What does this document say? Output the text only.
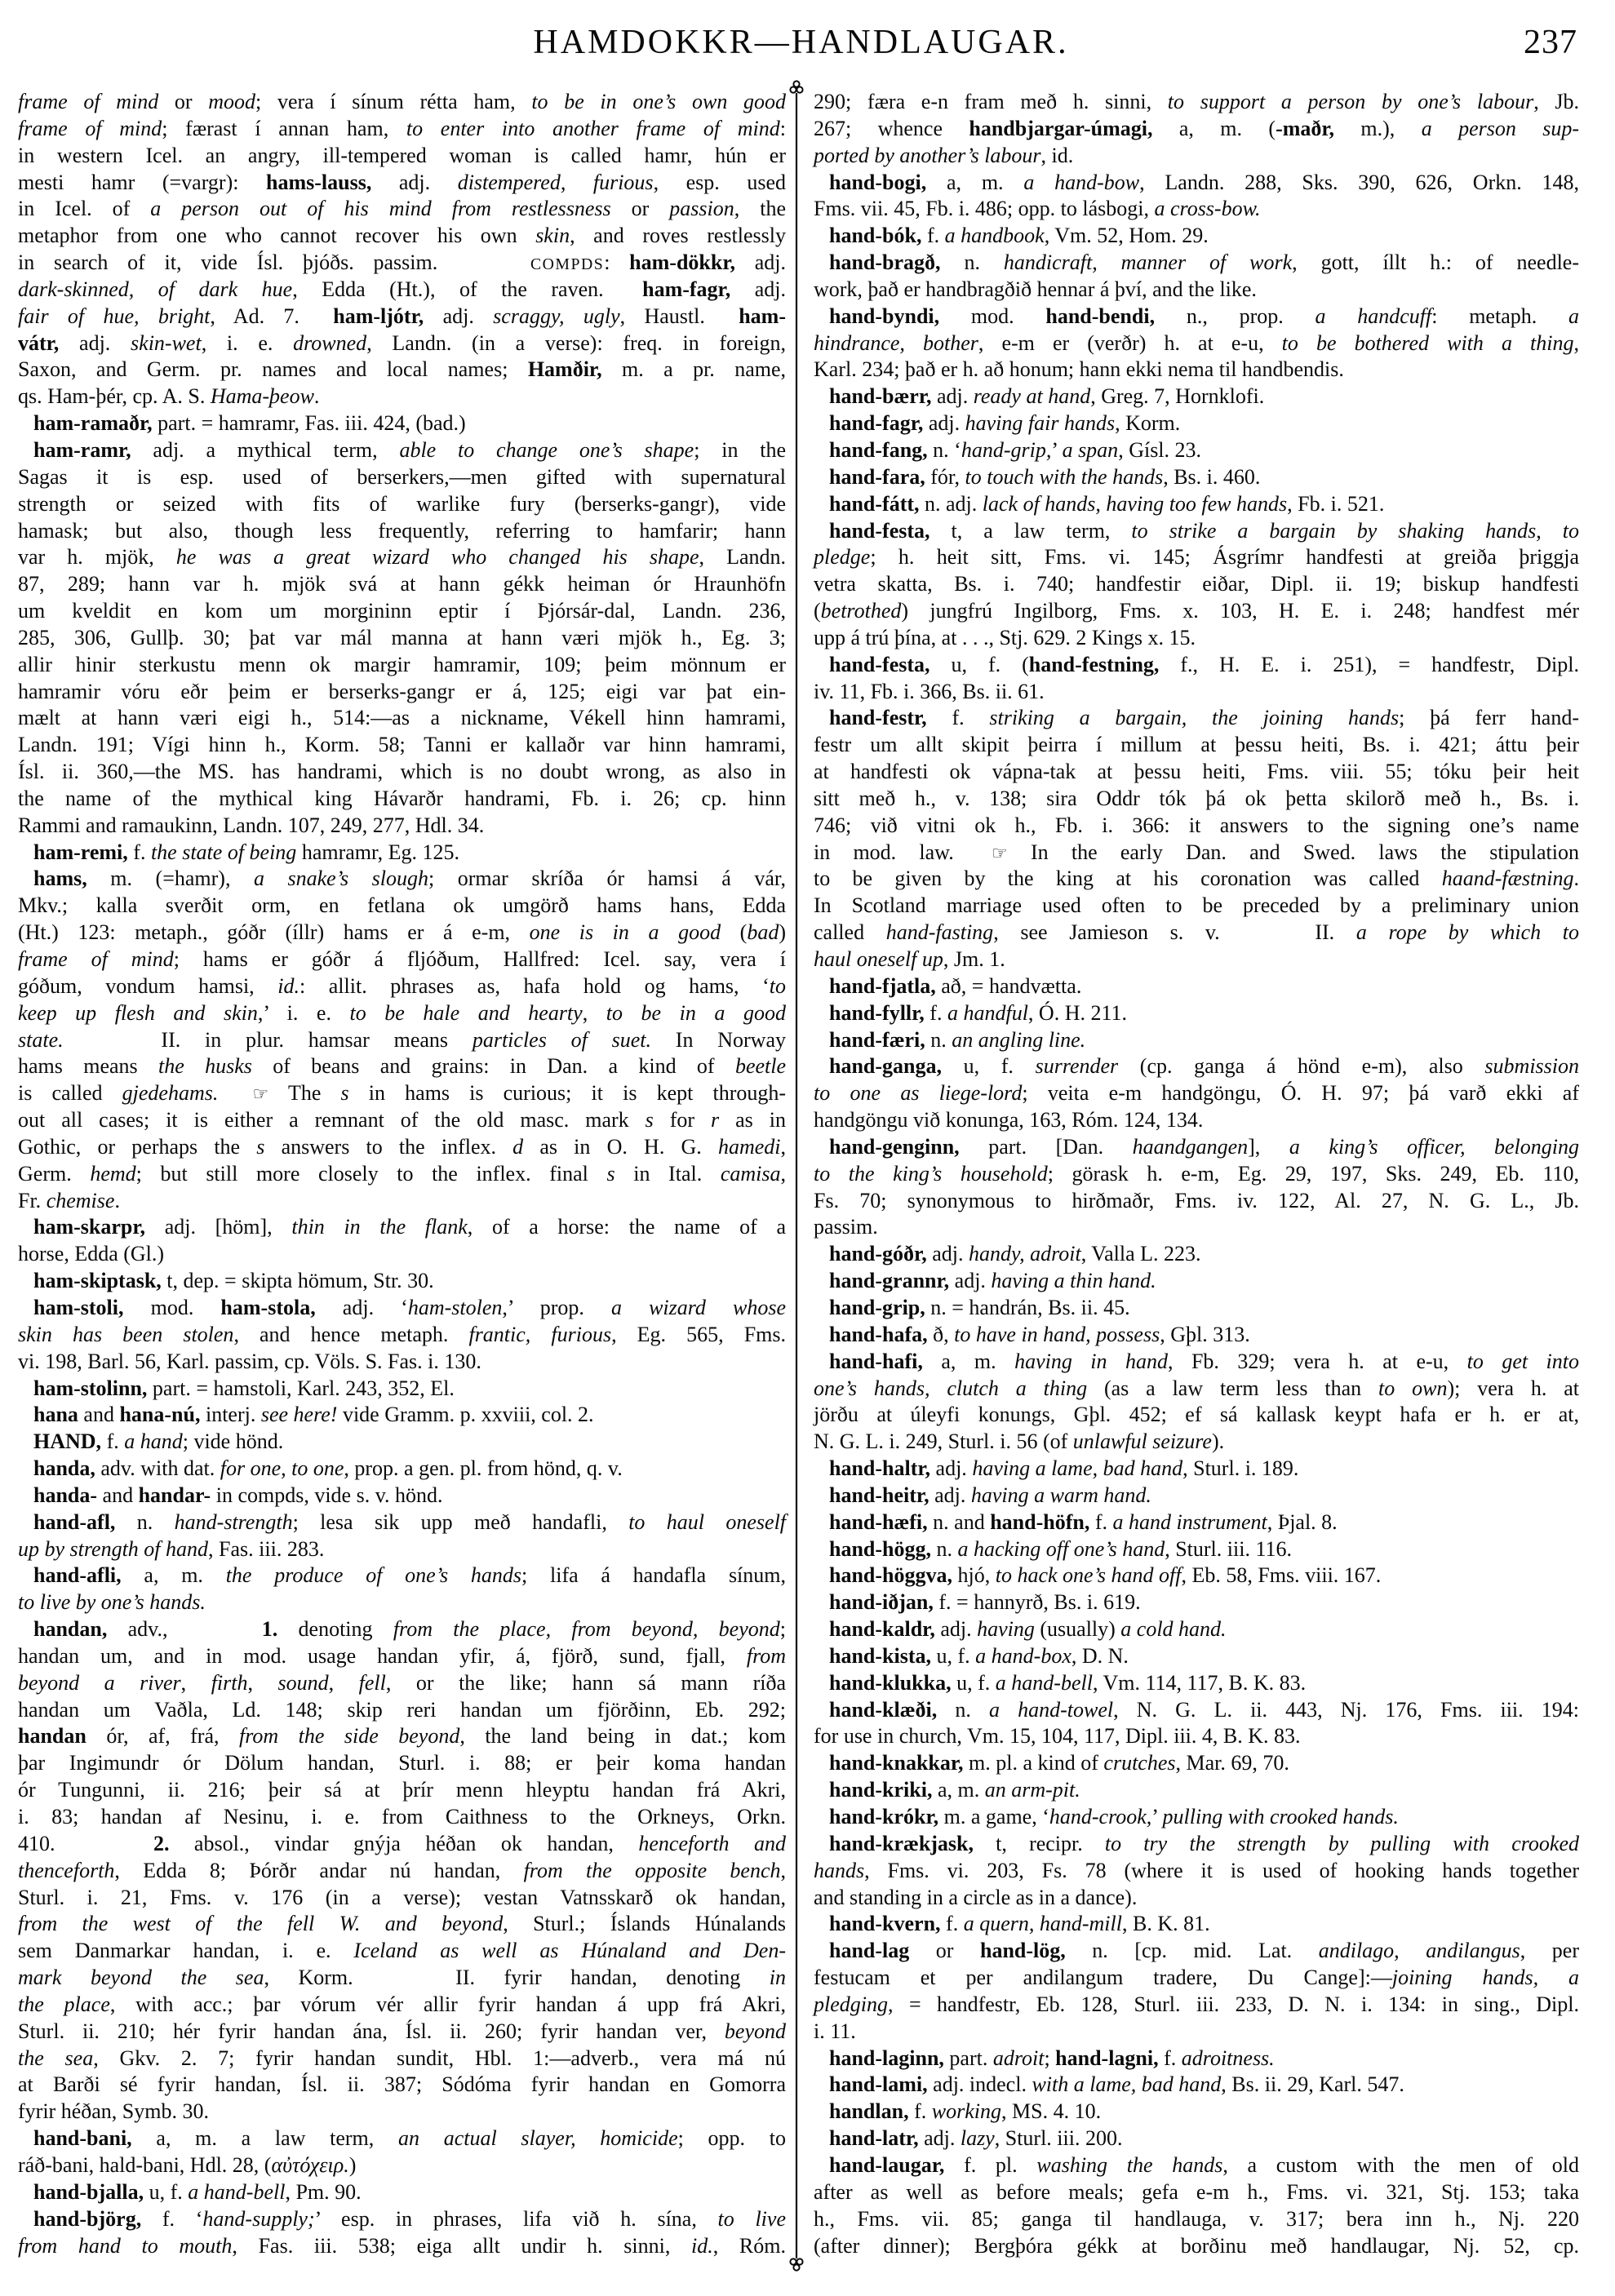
HAMDOKKR—HANDLAUGAR.	237
frame of mind or mood; vera í sínum rétta ham, to be in one’s own good
frame of mind; færast í annan ham, to enter into another frame of mind:
in western Icel. an angry, ill-tempered woman is called hamr, hún er
mesti hamr (=vargr): hams-lauss, adj. distempered, furious, esp. used
in Icel. of a person out of his mind from restlessness or passion, the
metaphor from one who cannot recover his own skin, and roves restlessly
in search of it, vide Ísl. þjóðs. passim.	COMPDS: ham-dökkr, adj.
dark-skinned, of dark hue, Edda (Ht.), of the raven. ham-fagr, adj.
fair of hue, bright, Ad. 7. ham-ljótr, adj. scraggy, ugly, Haustl. ham-
vátr, adj. skin-wet, i. e. drowned, Landn. (in a verse): freq. in foreign,
Saxon, and Germ. pr. names and local names; Hamðir, m. a pr. name,
qs. Ham-þér, cp. A. S. Hama-þeow.
ham-ramaðr, part. = hamramr, Fas. iii. 424, (bad.)
ham-ramr, adj. a mythical term, able to change one’s shape; in the
Sagas it is esp. used of berserkers,—men gifted with supernatural
strength or seized with fits of warlike fury (berserks-gangr), vide
hamask; but also, though less frequently, referring to hamfarir; hann
var h. mjök, he was a great wizard who changed his shape, Landn.
87, 289; hann var h. mjök svá at hann gékk heiman ór Hraunhöfn
um kveldit en kom um morgininn eptir í Þjórsár-dal, Landn. 236,
285, 306, Gullþ. 30; þat var mál manna at hann væri mjök h., Eg. 3;
allir hinir sterkustu menn ok margir hamramir, 109; þeim mönnum er
hamramir vóru eðr þeim er berserks-gangr er á, 125; eigi var þat ein-
mælt at hann væri eigi h., 514:—as a nickname, Vékell hinn hamrami,
Landn. 191; Vígi hinn h., Korm. 58; Tanni er kallaðr var hinn hamrami,
Ísl. ii. 360,—the MS. has handrami, which is no doubt wrong, as also in
the name of the mythical king Hávarðr handrami, Fb. i. 26; cp. hinn
Rammi and ramaukinn, Landn. 107, 249, 277, Hdl. 34.
ham-remi, f. the state of being hamramr, Eg. 125.
hams, m. (=hamr), a snake’s slough; ormar skríða ór hamsi á vár,
Mkv.; kalla sverðit orm, en fetlana ok umgörð hams hans, Edda
(Ht.) 123: metaph., góðr (íllr) hams er á e-m, one is in a good (bad)
frame of mind; hams er góðr á fljóðum, Hallfred: Icel. say, vera í
góðum, vondum hamsi, id.: allit. phrases as, hafa hold og hams, ‘to
keep up flesh and skin,’ i. e. to be hale and hearty, to be in a good
state.	II. in plur. hamsar means particles of suet. In Norway
hams means the husks of beans and grains: in Dan. a kind of beetle
is called gjedehams. ☞ The s in hams is curious; it is kept through-
out all cases; it is either a remnant of the old masc. mark s for r as in
Gothic, or perhaps the s answers to the inflex. d as in O. H. G. hamedi,
Germ. hemd; but still more closely to the inflex. final s in Ital. camisa,
Fr. chemise.
ham-skarpr, adj. [höm], thin in the flank, of a horse: the name of a
horse, Edda (Gl.)
ham-skiptask, t, dep. = skipta hömum, Str. 30.
ham-stoli, mod. ham-stola, adj. ‘ham-stolen,’ prop. a wizard whose
skin has been stolen, and hence metaph. frantic, furious, Eg. 565, Fms.
vi. 198, Barl. 56, Karl. passim, cp. Völs. S. Fas. i. 130.
ham-stolinn, part. = hamstoli, Karl. 243, 352, El.
hana and hana-nú, interj. see here! vide Gramm. p. xxviii, col. 2.
HAND, f. a hand; vide hönd.
handa, adv. with dat. for one, to one, prop. a gen. pl. from hönd, q. v.
handa- and handar- in compds, vide s. v. hönd.
hand-afl, n. hand-strength; lesa sik upp með handafli, to haul oneself
up by strength of hand, Fas. iii. 283.
hand-afli, a, m. the produce of one’s hands; lifa á handafla sínum,
to live by one’s hands.
handan, adv.,	1. denoting from the place, from beyond, beyond;
handan um, and in mod. usage handan yfir, á, fjörð, sund, fjall, from
beyond a river, firth, sound, fell, or the like; hann sá mann ríða
handan um Vaðla, Ld. 148; skip reri handan um fjörðinn, Eb. 292;
handan ór, af, frá, from the side beyond, the land being in dat.; kom
þar Ingimundr ór Dölum handan, Sturl. i. 88; er þeir koma handan
ór Tungunni, ii. 216; þeir sá at þrír menn hleyptu handan frá Akri,
i. 83; handan af Nesinu, i. e. from Caithness to the Orkneys, Orkn.
410.	2. absol., vindar gnýja héðan ok handan, henceforth and
thenceforth, Edda 8; Þórðr andar nú handan, from the opposite bench,
Sturl. i. 21, Fms. v. 176 (in a verse); vestan Vatnsskarð ok handan,
from the west of the fell W. and beyond, Sturl.; Íslands Húnalands
sem Danmarkar handan, i. e. Iceland as well as Húnaland and Den-
mark beyond the sea, Korm.	II. fyrir handan, denoting in
the place, with acc.; þar vórum vér allir fyrir handan á upp frá Akri,
Sturl. ii. 210; hér fyrir handan ána, Ísl. ii. 260; fyrir handan ver, beyond
the sea, Gkv. 2. 7; fyrir handan sundit, Hbl. 1:—adverb., vera má nú
at Barði sé fyrir handan, Ísl. ii. 387; Sódóma fyrir handan en Gomorra
fyrir héðan, Symb. 30.
hand-bani, a, m. a law term, an actual slayer, homicide; opp. to
ráð-bani, hald-bani, Hdl. 28, (αὐτόχειρ.)
hand-bjalla, u, f. a hand-bell, Pm. 90.
hand-björg, f. ‘hand-supply;’ esp. in phrases, lifa við h. sína, to live
from hand to mouth, Fas. iii. 538; eiga allt undir h. sinni, id., Róm.
290; færa e-n fram með h. sinni, to support a person by one’s labour, Jb.
267; whence handbjargar-úmagi, a, m. (-maðr, m.), a person sup-
ported by another’s labour, id.
hand-bogi, a, m. a hand-bow, Landn. 288, Sks. 390, 626, Orkn. 148,
Fms. vii. 45, Fb. i. 486; opp. to lásbogi, a cross-bow.
hand-bók, f. a handbook, Vm. 52, Hom. 29.
hand-bragð, n. handicraft, manner of work, gott, íllt h.: of needle-
work, það er handbragðið hennar á því, and the like.
hand-byndi, mod. hand-bendi, n., prop. a handcuff: metaph. a
hindrance, bother, e-m er (verðr) h. at e-u, to be bothered with a thing,
Karl. 234; það er h. að honum; hann ekki nema til handbendis.
hand-bærr, adj. ready at hand, Greg. 7, Hornklofi.
hand-fagr, adj. having fair hands, Korm.
hand-fang, n. ‘hand-grip,’ a span, Gísl. 23.
hand-fara, fór, to touch with the hands, Bs. i. 460.
hand-fátt, n. adj. lack of hands, having too few hands, Fb. i. 521.
hand-festa, t, a law term, to strike a bargain by shaking hands, to
pledge; h. heit sitt, Fms. vi. 145; Ásgrímr handfesti at greiða þriggja
vetra skatta, Bs. i. 740; handfestir eiðar, Dipl. ii. 19; biskup handfesti
(betrothed) jungfrú Ingilborg, Fms. x. 103, H. E. i. 248; handfest mér
upp á trú þína, at . . ., Stj. 629. 2 Kings x. 15.
hand-festa, u, f. (hand-festning, f., H. E. i. 251), = handfestr, Dipl.
iv. 11, Fb. i. 366, Bs. ii. 61.
hand-festr, f. striking a bargain, the joining hands; þá ferr hand-
festr um allt skipit þeirra í millum at þessu heiti, Bs. i. 421; áttu þeir
at handfesti ok vápna-tak at þessu heiti, Fms. viii. 55; tóku þeir heit
sitt með h., v. 138; sira Oddr tók þá ok þetta skilorð með h., Bs. i.
746; við vitni ok h., Fb. i. 366: it answers to the signing one’s name
in mod. law. ☞ In the early Dan. and Swed. laws the stipulation
to be given by the king at his coronation was called haand-fæstning.
In Scotland marriage used often to be preceded by a preliminary union
called hand-fasting, see Jamieson s. v.	II. a rope by which to
haul oneself up, Jm. 1.
hand-fjatla, að, = handvætta.
hand-fyllr, f. a handful, Ó. H. 211.
hand-færi, n. an angling line.
hand-ganga, u, f. surrender (cp. ganga á hönd e-m), also submission
to one as liege-lord; veita e-m handgöngu, Ó. H. 97; þá varð ekki af
handgöngu við konunga, 163, Róm. 124, 134.
hand-genginn, part. [Dan. haandgangen], a king’s officer, belonging
to the king’s household; görask h. e-m, Eg. 29, 197, Sks. 249, Eb. 110,
Fs. 70; synonymous to hirðmaðr, Fms. iv. 122, Al. 27, N. G. L., Jb.
passim.
hand-góðr, adj. handy, adroit, Valla L. 223.
hand-grannr, adj. having a thin hand.
hand-grip, n. = handrán, Bs. ii. 45.
hand-hafa, ð, to have in hand, possess, Gþl. 313.
hand-hafi, a, m. having in hand, Fb. 329; vera h. at e-u, to get into
one’s hands, clutch a thing (as a law term less than to own); vera h. at
jörðu at úleyfi konungs, Gþl. 452; ef sá kallask keypt hafa er h. er at,
N. G. L. i. 249, Sturl. i. 56 (of unlawful seizure).
hand-haltr, adj. having a lame, bad hand, Sturl. i. 189.
hand-heitr, adj. having a warm hand.
hand-hæfi, n. and hand-höfn, f. a hand instrument, Þjal. 8.
hand-högg, n. a hacking off one’s hand, Sturl. iii. 116.
hand-höggva, hjó, to hack one’s hand off, Eb. 58, Fms. viii. 167.
hand-iðjan, f. = hannyrð, Bs. i. 619.
hand-kaldr, adj. having (usually) a cold hand.
hand-kista, u, f. a hand-box, D. N.
hand-klukka, u, f. a hand-bell, Vm. 114, 117, B. K. 83.
hand-klæði, n. a hand-towel, N. G. L. ii. 443, Nj. 176, Fms. iii. 194:
for use in church, Vm. 15, 104, 117, Dipl. iii. 4, B. K. 83.
hand-knakkar, m. pl. a kind of crutches, Mar. 69, 70.
hand-kriki, a, m. an arm-pit.
hand-krókr, m. a game, ‘hand-crook,’ pulling with crooked hands.
hand-krækjask, t, recipr. to try the strength by pulling with crooked
hands, Fms. vi. 203, Fs. 78 (where it is used of hooking hands together
and standing in a circle as in a dance).
hand-kvern, f. a quern, hand-mill, B. K. 81.
hand-lag or hand-lög, n. [cp. mid. Lat. andilago, andilangus, per
festucam et per andilangum tradere, Du Cange]:—joining hands, a
pledging, = handfestr, Eb. 128, Sturl. iii. 233, D. N. i. 134: in sing., Dipl.
i. 11.
hand-laginn, part. adroit; hand-lagni, f. adroitness.
hand-lami, adj. indecl. with a lame, bad hand, Bs. ii. 29, Karl. 547.
handlan, f. working, MS. 4. 10.
hand-latr, adj. lazy, Sturl. iii. 200.
hand-laugar, f. pl. washing the hands, a custom with the men of old
after as well as before meals; gefa e-m h., Fms. vi. 321, Stj. 153; taka
h., Fms. vii. 85; ganga til handlauga, v. 317; bera inn h., Nj. 220
(after dinner); Bergþóra gékk at borðinu með handlaugar, Nj. 52, cp.
